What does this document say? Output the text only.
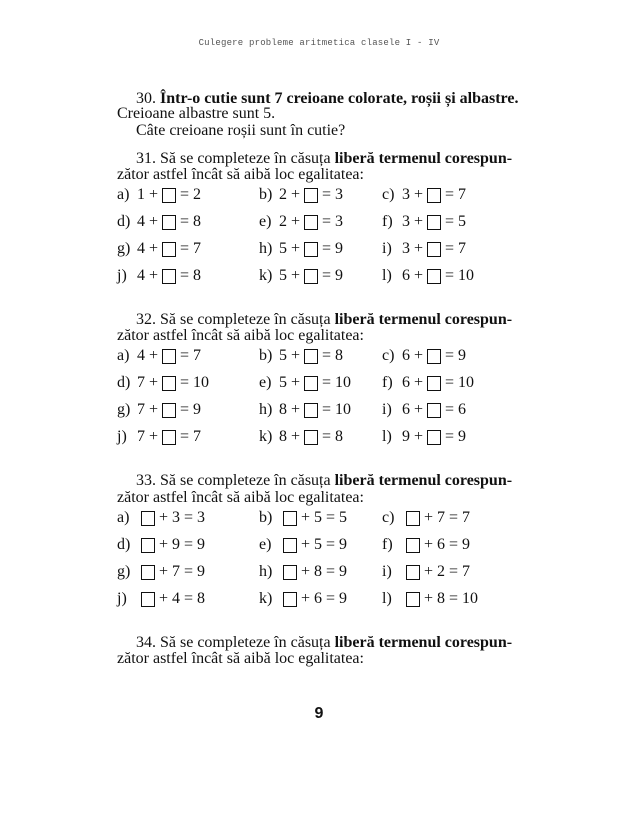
Culegere probleme aritmetica clasele I - IV
30. Într-o cutie sunt 7 creioane colorate, roșii și albastre.
Creioane albastre sunt 5.
Câte creioane roșii sunt în cutie?
31. Să se completeze în căsuța liberă termenul corespun-
zător astfel încât să aibă loc egalitatea:
a) 1 + = 2	b) 2 + = 3 c) 3 + = 7
d) 4 + = 8	e) 2 + = 3 f) 3 + = 5
g) 4 + = 7	h) 5 + = 9 i) 3 + = 7
j) 4 + = 8	k) 5 + = 9 l) 6 + = 10
32. Să se completeze în căsuța liberă termenul corespun-
zător astfel încât să aibă loc egalitatea:
a) 4 + = 7	b) 5 + = 8 c) 6 + = 9
d) 7 + = 10	e) 5 + = 10 f) 6 + = 10
g) 7 + = 9	h) 8 + = 10 i) 6 + = 6
j) 7 + = 7	k) 8 + = 8 l) 9 + = 9
33. Să se completeze în căsuța liberă termenul corespun-
zător astfel încât să aibă loc egalitatea:
a)	+ 3 = 3	b)	+ 5 = 5 c)	+ 7 = 7
d)	+ 9 = 9	e)	+ 5 = 9 f)	+ 6 = 9
g)	+ 7 = 9	h)	+ 8 = 9 i)	+ 2 = 7
j)	+ 4 = 8	k)	+ 6 = 9 l)	+ 8 = 10
34. Să se completeze în căsuța liberă termenul corespun-
zător astfel încât să aibă loc egalitatea:
9
